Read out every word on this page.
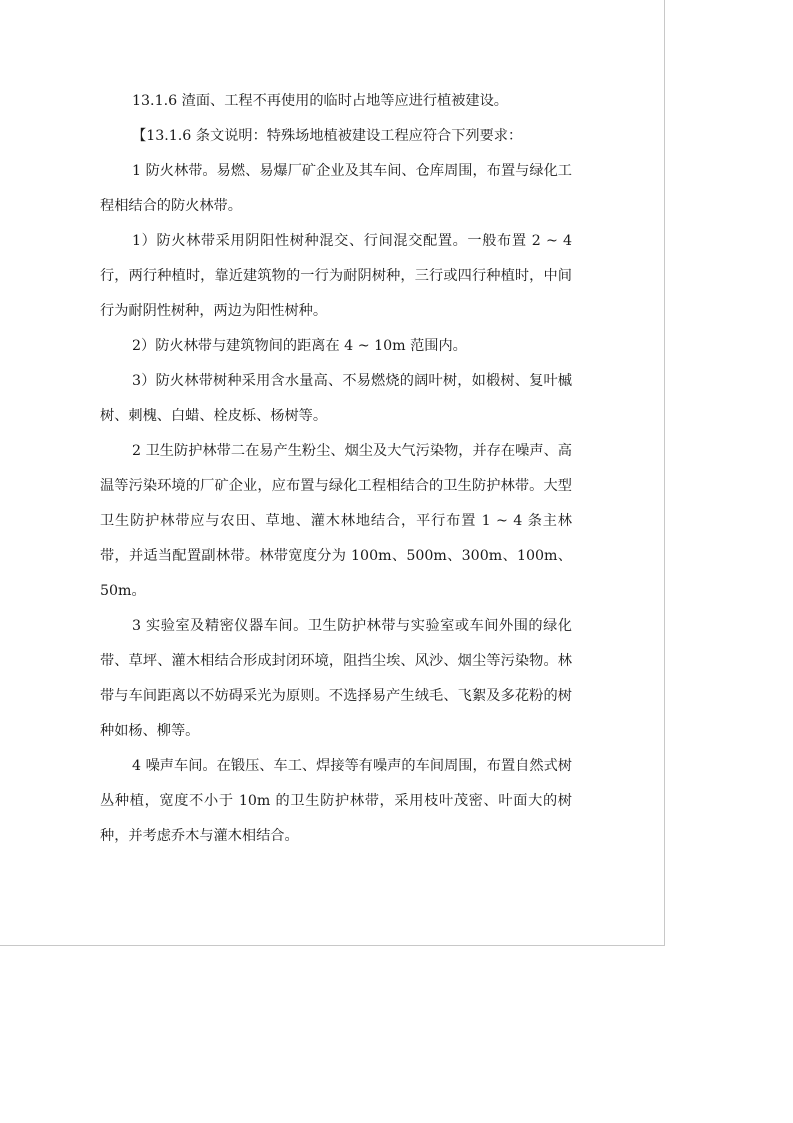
13.1.6 渣面、工程不再使用的临时占地等应进行植被建设。

【13.1.6 条文说明：特殊场地植被建设工程应符合下列要求：

1 防火林带。易燃、易爆厂矿企业及其车间、仓库周围，布置与绿化工程相结合的防火林带。

1）防火林带采用阴阳性树种混交、行间混交配置。一般布置 2 ~ 4 行，两行种植时，靠近建筑物的一行为耐阴树种，三行或四行种植时，中间行为耐阴性树种，两边为阳性树种。

2）防火林带与建筑物间的距离在 4 ~ 10m 范围内。

3）防火林带树种采用含水量高、不易燃烧的阔叶树，如椴树、复叶槭树、刺槐、白蜡、栓皮栎、杨树等。

2 卫生防护林带二在易产生粉尘、烟尘及大气污染物，并存在噪声、高温等污染环境的厂矿企业，应布置与绿化工程相结合的卫生防护林带。大型卫生防护林带应与农田、草地、灌木林地结合，平行布置 1 ~ 4 条主林带，并适当配置副林带。林带宽度分为 100m、500m、300m、100m、50m。

3 实验室及精密仪器车间。卫生防护林带与实验室或车间外围的绿化带、草坪、灌木相结合形成封闭环境，阻挡尘埃、风沙、烟尘等污染物。林带与车间距离以不妨碍采光为原则。不选择易产生绒毛、飞絮及多花粉的树种如杨、柳等。

4 噪声车间。在锻压、车工、焊接等有噪声的车间周围，布置自然式树丛种植，宽度不小于 10m 的卫生防护林带，采用枝叶茂密、叶面大的树种，并考虑乔木与灌木相结合。
